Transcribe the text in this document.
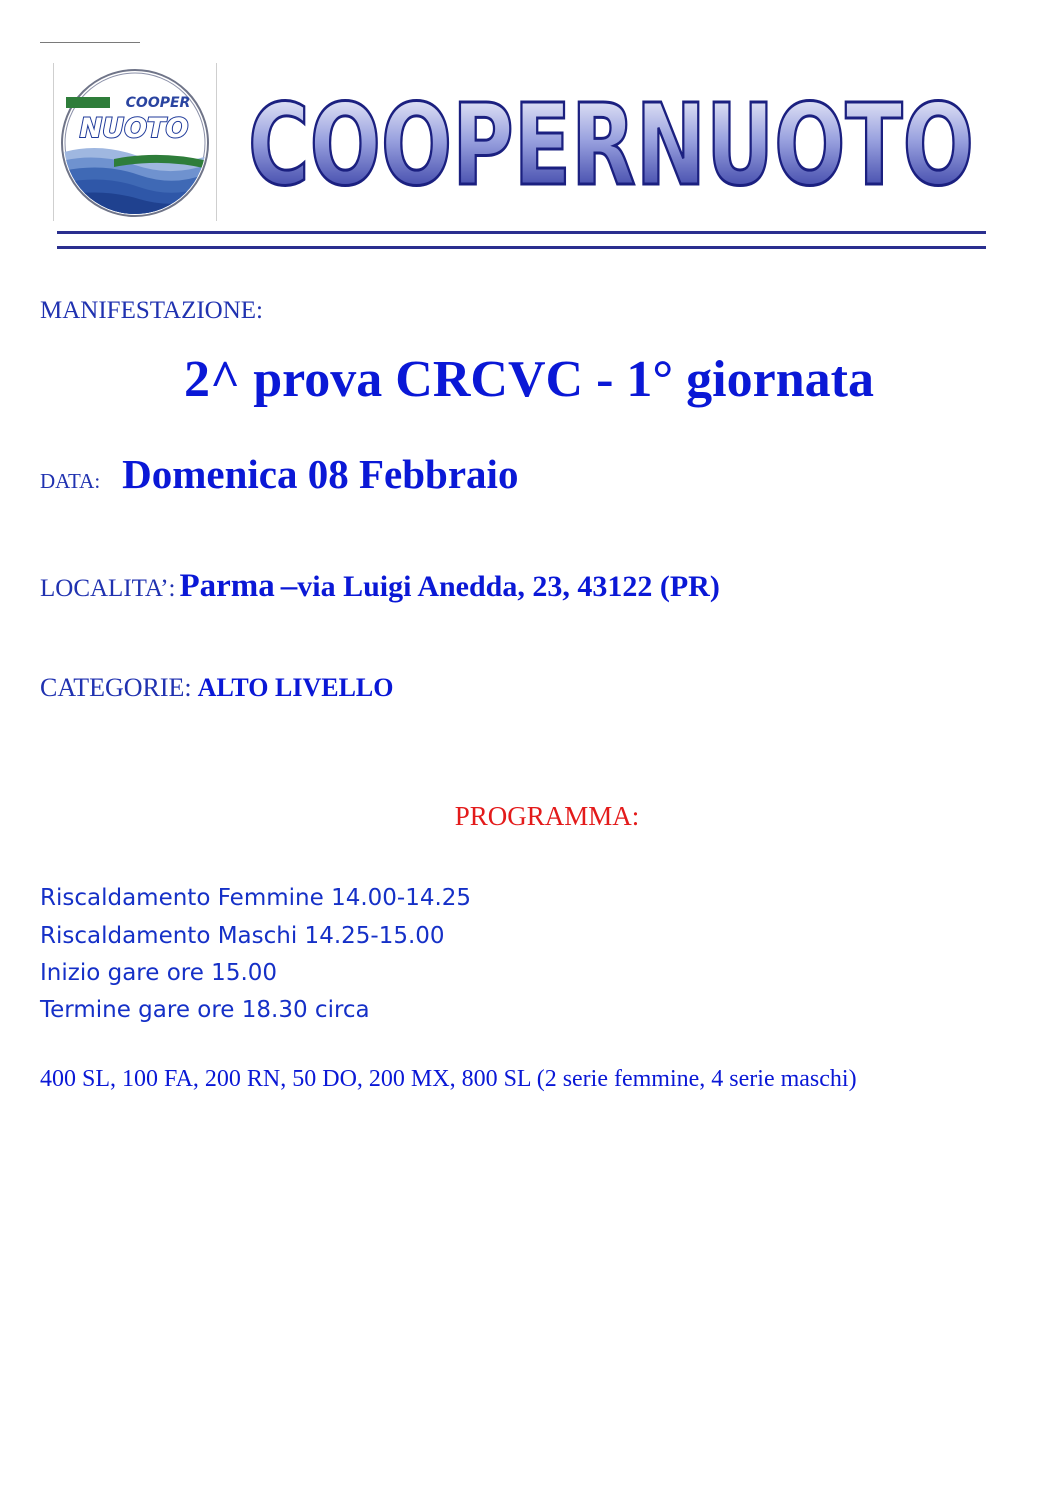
COOPER
NUOTO COOPERNUOTO
MANIFESTAZIONE:
2^ prova CRCVC - 1° giornata
DATA: Domenica 08 Febbraio
LOCALITA’: Parma –via Luigi Anedda, 23, 43122 (PR)
CATEGORIE: ALTO LIVELLO
PROGRAMMA:
Riscaldamento Femmine 14.00-14.25
Riscaldamento Maschi 14.25-15.00
Inizio gare ore 15.00
Termine gare ore 18.30 circa
400 SL, 100 FA, 200 RN, 50 DO, 200 MX, 800 SL (2 serie femmine, 4 serie maschi)
